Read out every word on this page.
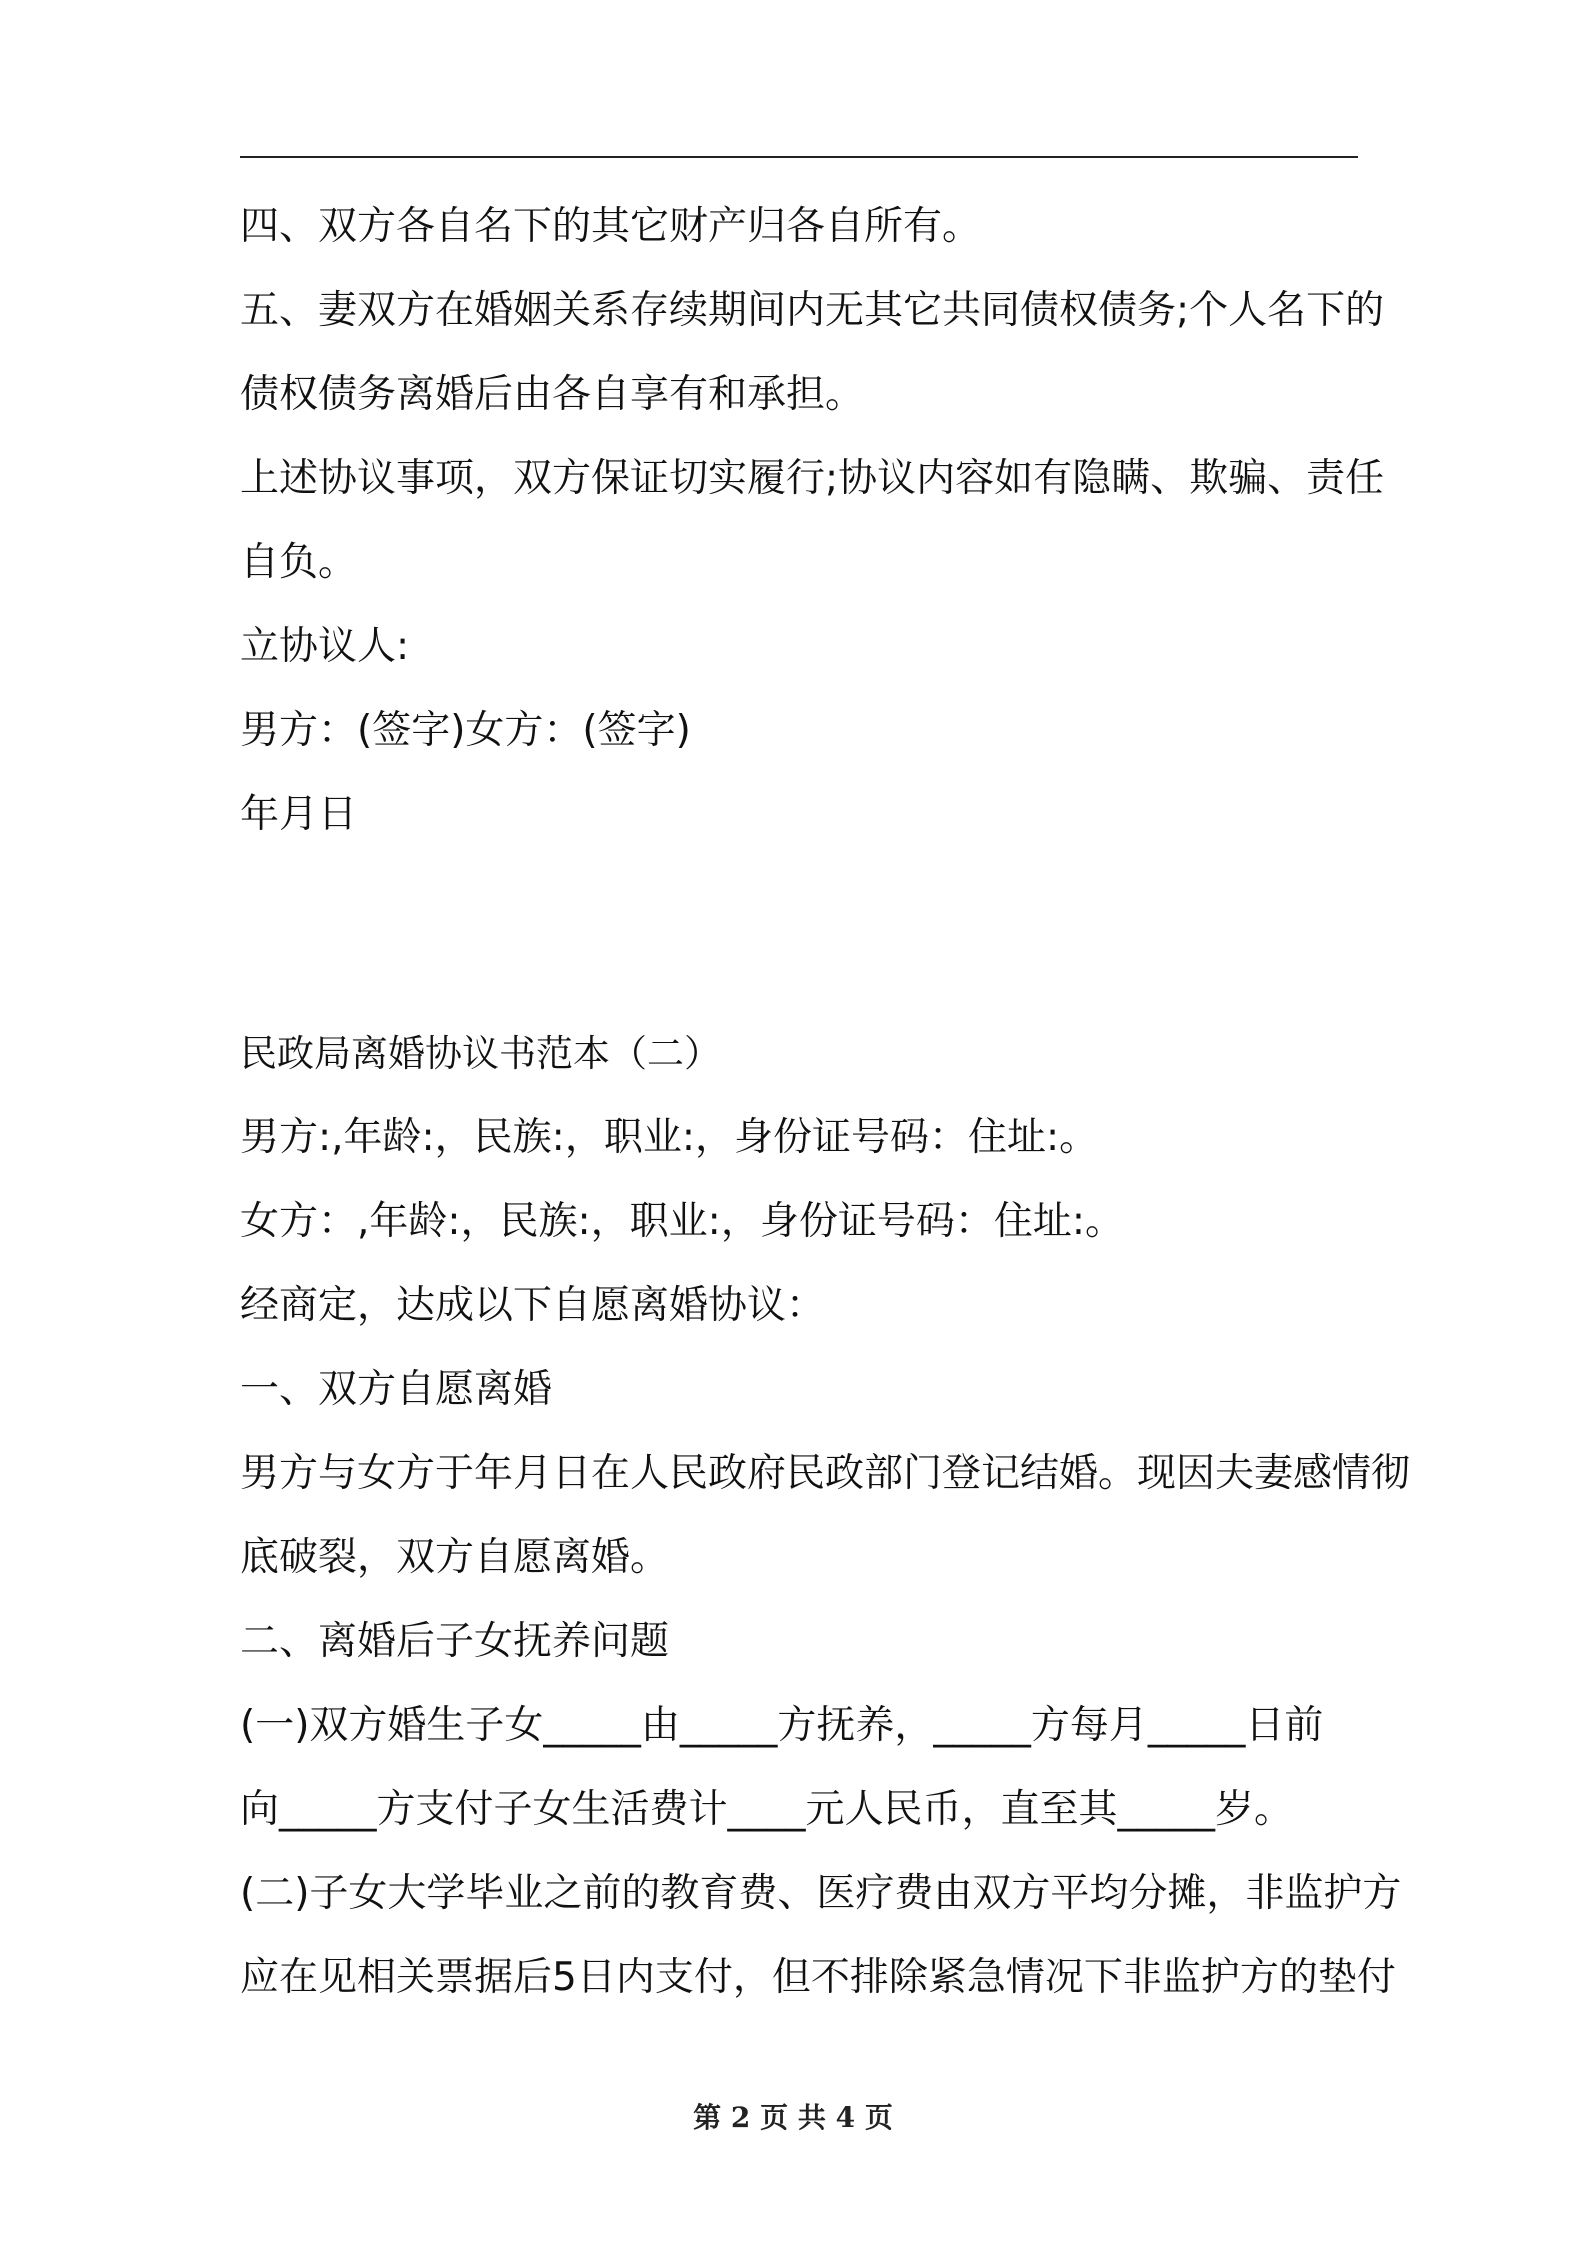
四、双方各自名下的其它财产归各自所有。

五、妻双方在婚姻关系存续期间内无其它共同债权债务;个人名下的

债权债务离婚后由各自享有和承担。

上述协议事项，双方保证切实履行;协议内容如有隐瞒、欺骗、责任

自负。

立协议人:

男方：(签字)女方：(签字)

年月日

民政局离婚协议书范本（二）

男方:,年龄:，民族:，职业:，身份证号码：住址:。

女方：,年龄:，民族:，职业:，身份证号码：住址:。

经商定，达成以下自愿离婚协议：

一、双方自愿离婚

男方与女方于年月日在人民政府民政部门登记结婚。现因夫妻感情彻

底破裂，双方自愿离婚。

二、离婚后子女抚养问题

(一)双方婚生子女_____由_____方抚养，_____方每月_____日前

向_____方支付子女生活费计____元人民币，直至其_____岁。

(二)子女大学毕业之前的教育费、医疗费由双方平均分摊，非监护方

应在见相关票据后5日内支付，但不排除紧急情况下非监护方的垫付

第 2 页 共 4 页
